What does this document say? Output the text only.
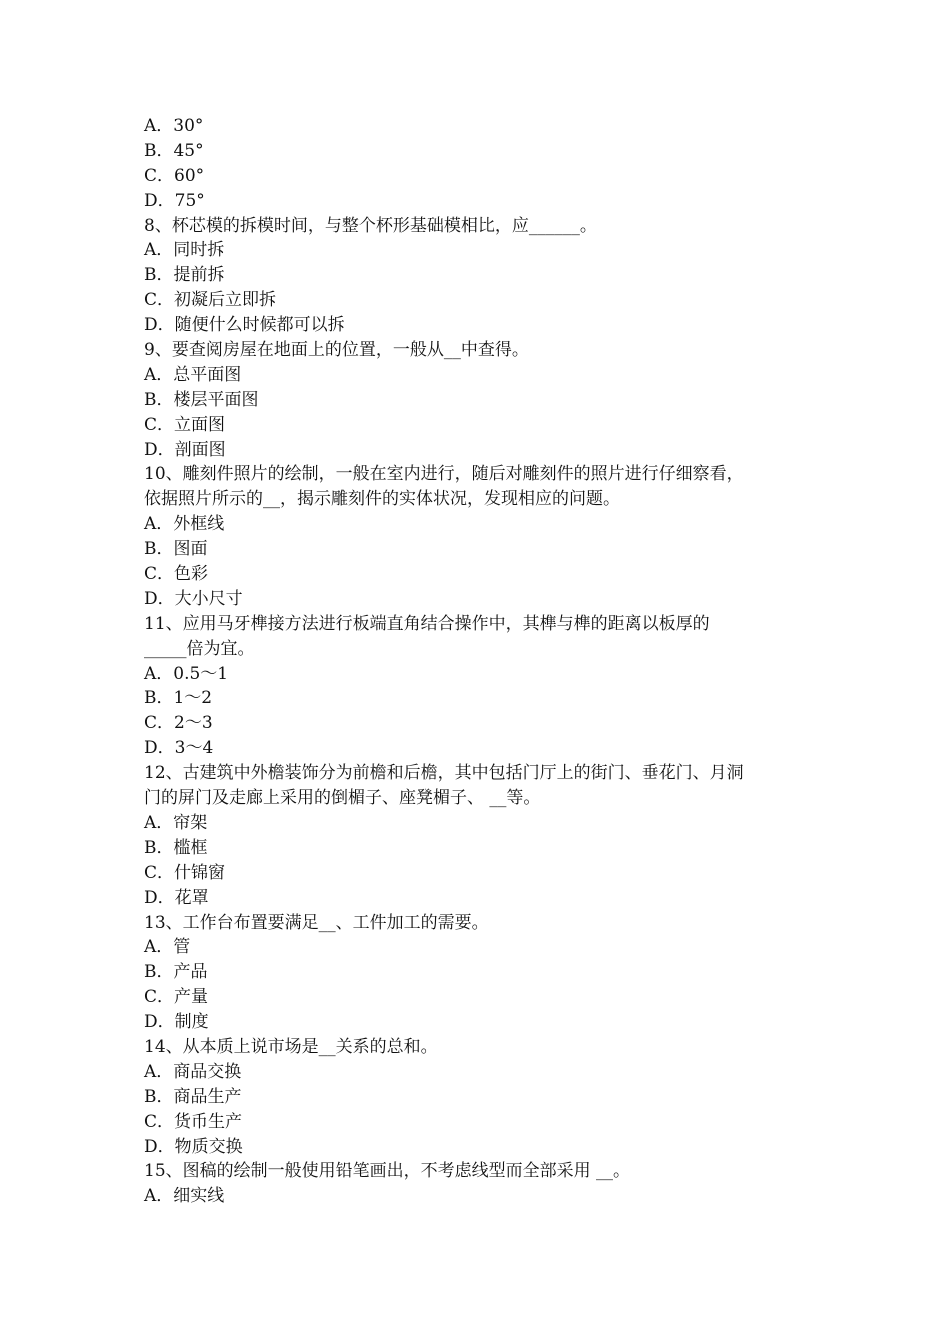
A．30°
B．45°
C．60°
D．75°
8、杯芯模的拆模时间，与整个杯形基础模相比，应______。
A．同时拆
B．提前拆
C．初凝后立即拆
D．随便什么时候都可以拆
9、要查阅房屋在地面上的位置，一般从__中查得。
A．总平面图
B．楼层平面图
C．立面图
D．剖面图
10、雕刻件照片的绘制，一般在室内进行，随后对雕刻件的照片进行仔细察看，
依据照片所示的__，揭示雕刻件的实体状况，发现相应的问题。
A．外框线
B．图面
C．色彩
D．大小尺寸
11、应用马牙榫接方法进行板端直角结合操作中，其榫与榫的距离以板厚的
_____倍为宜。
A．0.5～1
B．1～2
C．2～3
D．3～4
12、古建筑中外檐装饰分为前檐和后檐，其中包括门厅上的街门、垂花门、月洞
门的屏门及走廊上采用的倒楣子、座凳楣子、 __等。
A．帘架
B．槛框
C．什锦窗
D．花罩
13、工作台布置要满足__、工件加工的需要。
A．管
B．产品
C．产量
D．制度
14、从本质上说市场是__关系的总和。
A．商品交换
B．商品生产
C．货币生产
D．物质交换
15、图稿的绘制一般使用铅笔画出，不考虑线型而全部采用 __。
A．细实线
